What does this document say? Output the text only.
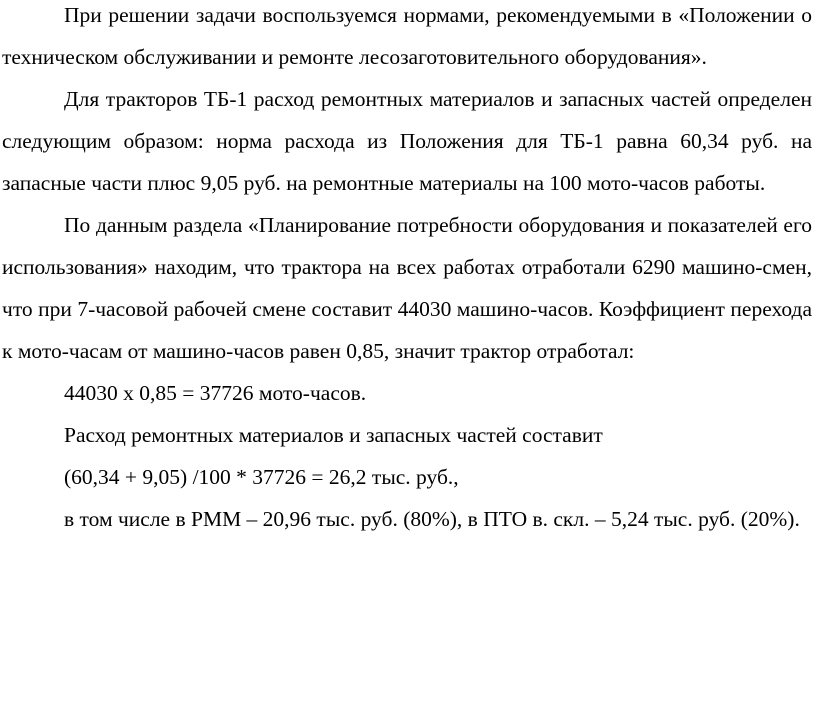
При решении задачи воспользуемся нормами, рекомендуемыми в «Положении о техническом обслуживании и ремонте лесозаготовительного оборудования».

Для тракторов ТБ-1 расход ремонтных материалов и запасных частей определен следующим образом: норма расхода из Положения для ТБ-1 равна 60,34 руб. на запасные части плюс 9,05 руб. на ремонтные материалы на 100 мото-часов работы.

По данным раздела «Планирование потребности оборудования и показателей его использования» находим, что трактора на всех работах отработали 6290 машино-смен, что при 7-часовой рабочей смене составит 44030 машино-часов. Коэффициент перехода к мото-часам от машино-часов равен 0,85, значит трактор отработал:

44030 х 0,85 = 37726 мото-часов.

Расход ремонтных материалов и запасных частей составит

(60,34 + 9,05) /100 * 37726 = 26,2 тыс. руб.,

в том числе в РММ – 20,96 тыс. руб. (80%), в ПТО в. скл. – 5,24 тыс. руб. (20%).
